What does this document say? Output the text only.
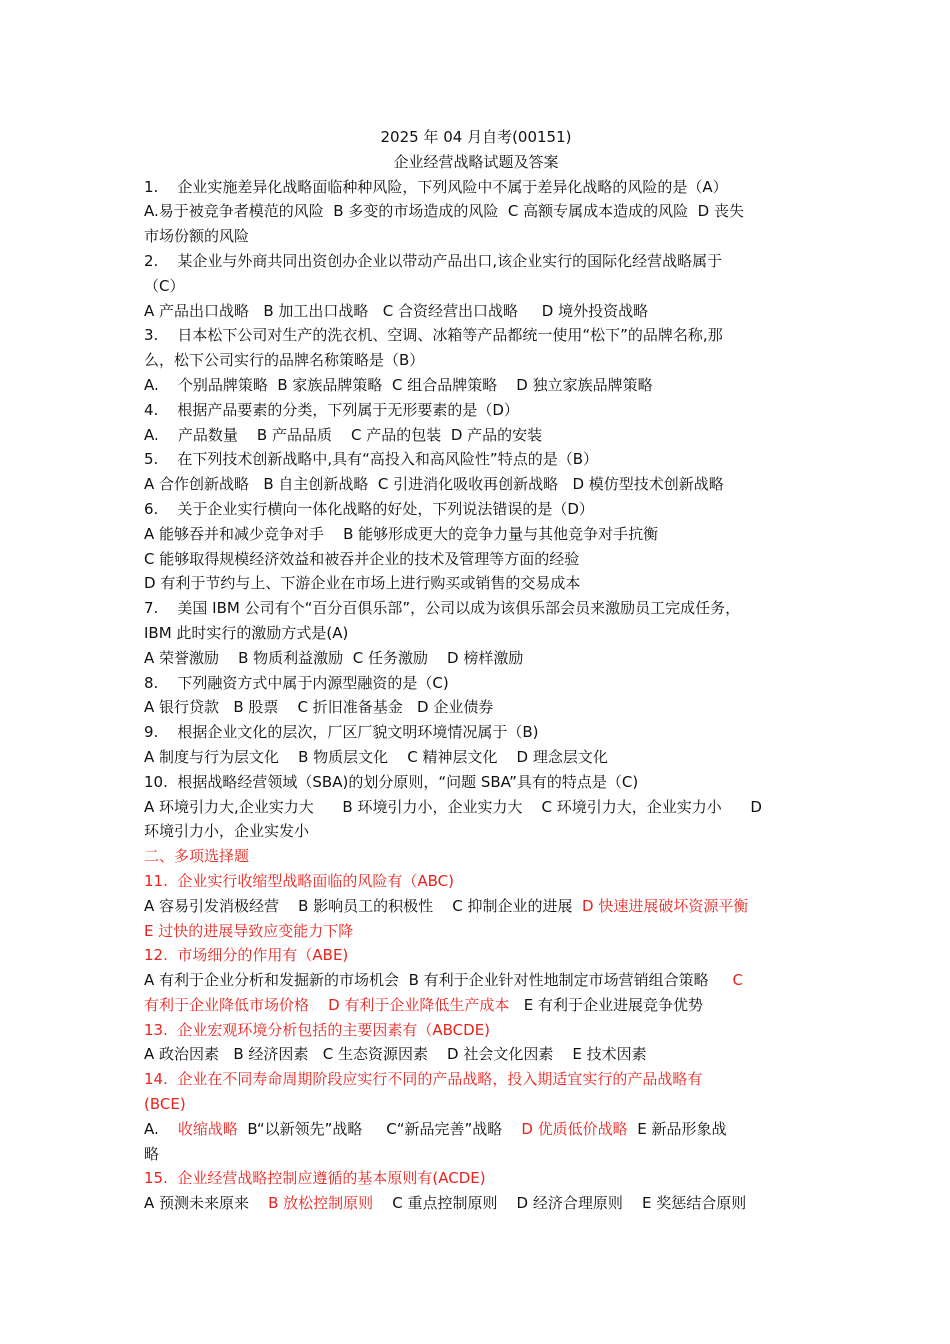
2025 年 04 月自考(00151)
企业经营战略试题及答案
1.    企业实施差异化战略面临种种风险，下列风险中不属于差异化战略的风险的是（A）
A.易于被竞争者模范的风险  B 多变的市场造成的风险  C 高额专属成本造成的风险  D 丧失
市场份额的风险
2.    某企业与外商共同出资创办企业以带动产品出口,该企业实行的国际化经营战略属于
（C）
A 产品出口战略   B 加工出口战略   C 合资经营出口战略     D 境外投资战略
3.    日本松下公司对生产的洗衣机、空调、冰箱等产品都统一使用“松下”的品牌名称,那
么，松下公司实行的品牌名称策略是（B）
A.    个别品牌策略  B 家族品牌策略  C 组合品牌策略    D 独立家族品牌策略
4.    根据产品要素的分类，下列属于无形要素的是（D）
A.    产品数量    B 产品品质    C 产品的包装  D 产品的安装
5.    在下列技术创新战略中,具有“高投入和高风险性”特点的是（B）
A 合作创新战略   B 自主创新战略  C 引进消化吸收再创新战略   D 模仿型技术创新战略
6.    关于企业实行横向一体化战略的好处，下列说法错误的是（D）
A 能够吞并和减少竞争对手    B 能够形成更大的竞争力量与其他竞争对手抗衡
C 能够取得规模经济效益和被吞并企业的技术及管理等方面的经验
D 有利于节约与上、下游企业在市场上进行购买或销售的交易成本
7.    美国 IBM 公司有个“百分百俱乐部”，公司以成为该俱乐部会员来激励员工完成任务，
IBM 此时实行的激励方式是(A)
A 荣誉激励    B 物质利益激励  C 任务激励    D 榜样激励
8.    下列融资方式中属于内源型融资的是（C)
A 银行贷款   B 股票    C 折旧准备基金   D 企业债券
9.    根据企业文化的层次，厂区厂貌文明环境情况属于（B)
A 制度与行为层文化    B 物质层文化    C 精神层文化    D 理念层文化
10.  根据战略经营领域（SBA)的划分原则，“问题 SBA”具有的特点是（C)
A 环境引力大,企业实力大      B 环境引力小，企业实力大    C 环境引力大，企业实力小      D
环境引力小，企业实发小
二、多项选择题
11.  企业实行收缩型战略面临的风险有（ABC)
A 容易引发消极经营    B 影响员工的积极性    C 抑制企业的进展  D 快速进展破坏资源平衡
E 过快的进展导致应变能力下降
12.  市场细分的作用有（ABE)
A 有利于企业分析和发掘新的市场机会  B 有利于企业针对性地制定市场营销组合策略     C
有利于企业降低市场价格    D 有利于企业降低生产成本   E 有利于企业进展竞争优势
13.  企业宏观环境分析包括的主要因素有（ABCDE)
A 政治因素   B 经济因素   C 生态资源因素    D 社会文化因素    E 技术因素
14.  企业在不同寿命周期阶段应实行不同的产品战略，投入期适宜实行的产品战略有
(BCE)
A.    收缩战略  B“以新领先”战略     C“新品完善”战略    D 优质低价战略  E 新品形象战
略
15.  企业经营战略控制应遵循的基本原则有(ACDE)
A 预测未来原来    B 放松控制原则    C 重点控制原则    D 经济合理原则    E 奖惩结合原则
